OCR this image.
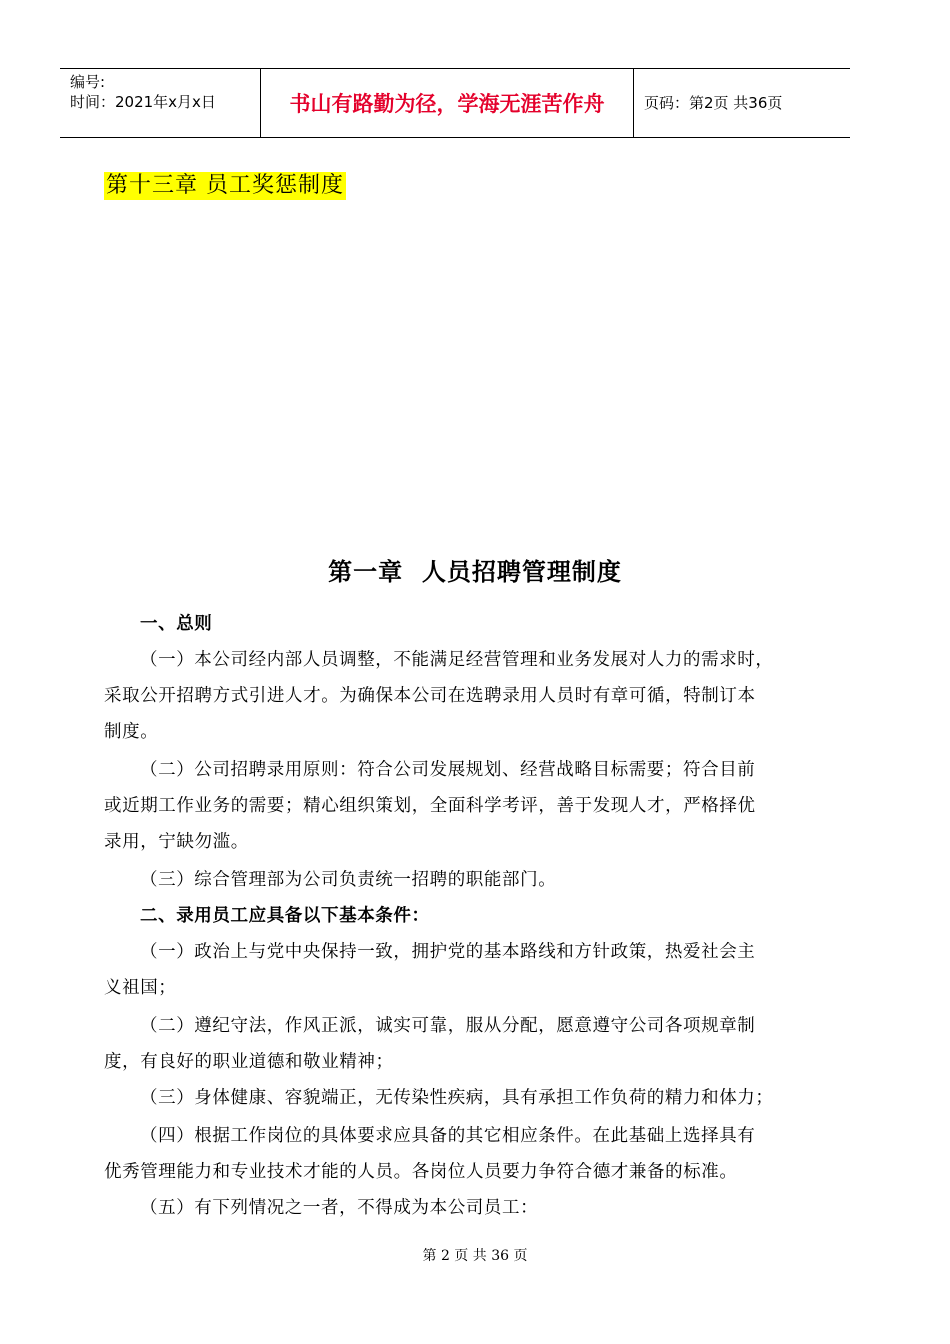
编号:
时间：2021年x月x日	书山有路勤为径，学海无涯苦作舟	页码：第2页 共36页
第十三章 员工奖惩制度
第一章  人员招聘管理制度
一、总则
（一）本公司经内部人员调整，不能满足经营管理和业务发展对人力的需求时，
采取公开招聘方式引进人才。为确保本公司在选聘录用人员时有章可循，特制订本
制度。
（二）公司招聘录用原则：符合公司发展规划、经营战略目标需要；符合目前
或近期工作业务的需要；精心组织策划，全面科学考评，善于发现人才，严格择优
录用，宁缺勿滥。
（三）综合管理部为公司负责统一招聘的职能部门。
二、录用员工应具备以下基本条件：
（一）政治上与党中央保持一致，拥护党的基本路线和方针政策，热爱社会主
义祖国；
（二）遵纪守法，作风正派，诚实可靠，服从分配，愿意遵守公司各项规章制
度，有良好的职业道德和敬业精神；
（三）身体健康、容貌端正，无传染性疾病，具有承担工作负荷的精力和体力；
（四）根据工作岗位的具体要求应具备的其它相应条件。在此基础上选择具有
优秀管理能力和专业技术才能的人员。各岗位人员要力争符合德才兼备的标准。
（五）有下列情况之一者，不得成为本公司员工：
第 2 页 共 36 页
